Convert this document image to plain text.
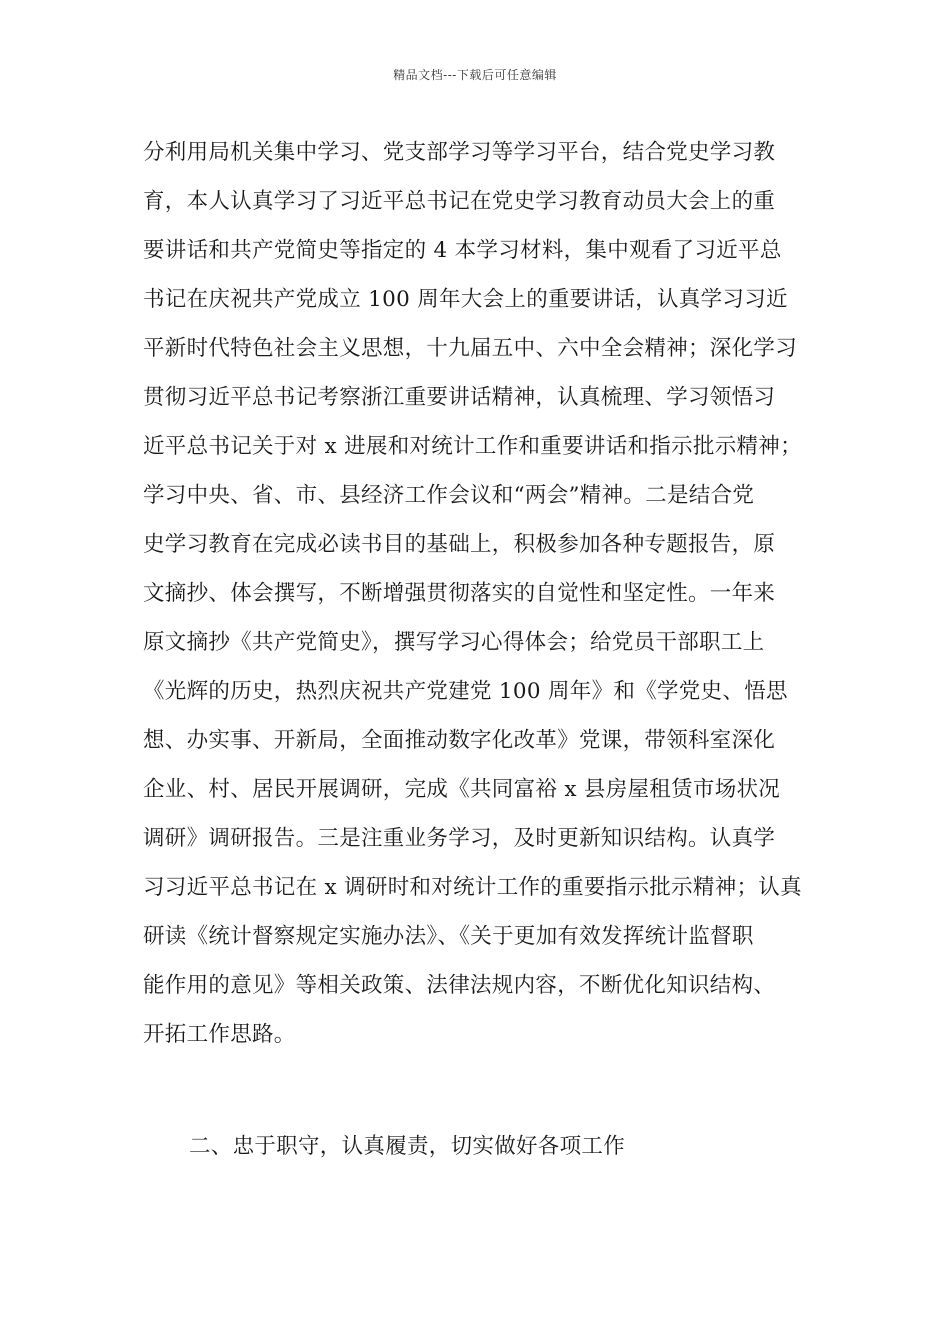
精品文档---下载后可任意编辑
分利用局机关集中学习、党支部学习等学习平台，结合党史学习教
育，本人认真学习了习近平总书记在党史学习教育动员大会上的重
要讲话和共产党简史等指定的 4 本学习材料，集中观看了习近平总
书记在庆祝共产党成立 100 周年大会上的重要讲话，认真学习习近
平新时代特色社会主义思想，十九届五中、六中全会精神；深化学习
贯彻习近平总书记考察浙江重要讲话精神，认真梳理、学习领悟习
近平总书记关于对 x 进展和对统计工作和重要讲话和指示批示精神；
学习中央、省、市、县经济工作会议和“两会”精神。二是结合党
史学习教育在完成必读书目的基础上，积极参加各种专题报告，原
文摘抄、体会撰写，不断增强贯彻落实的自觉性和坚定性。一年来
原文摘抄《共产党简史》，撰写学习心得体会；给党员干部职工上
《光辉的历史，热烈庆祝共产党建党 100 周年》和《学党史、悟思
想、办实事、开新局，全面推动数字化改革》党课，带领科室深化
企业、村、居民开展调研，完成《共同富裕 x 县房屋租赁市场状况
调研》调研报告。三是注重业务学习，及时更新知识结构。认真学
习习近平总书记在 x 调研时和对统计工作的重要指示批示精神；认真
研读《统计督察规定实施办法》、《关于更加有效发挥统计监督职
能作用的意见》等相关政策、法律法规内容，不断优化知识结构、
开拓工作思路。
二、忠于职守，认真履责，切实做好各项工作
